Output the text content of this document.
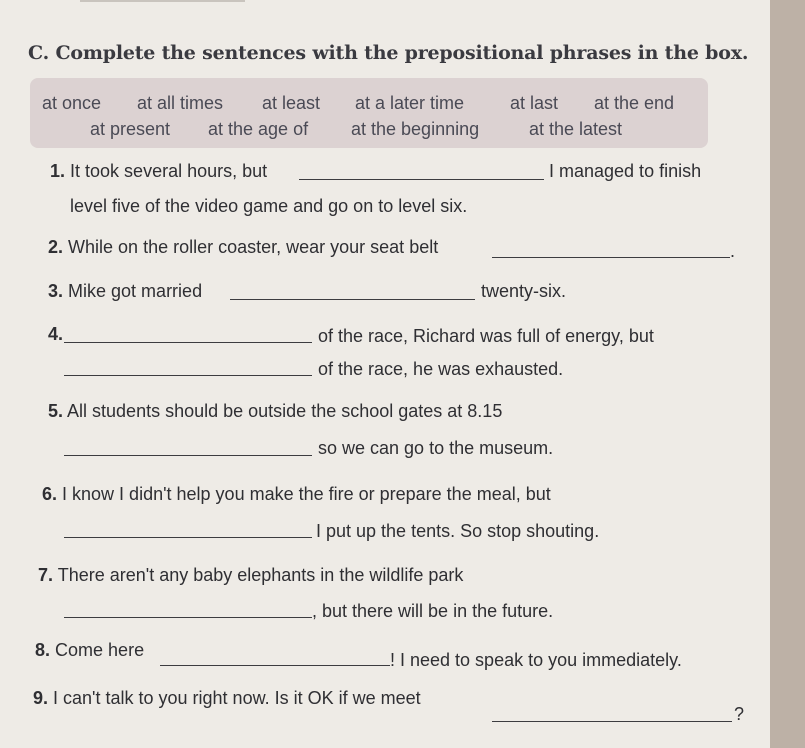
C. Complete the sentences with the prepositional phrases in the box.
at once at all times at least at a later time	at last at the end
at present at the age of at the beginning	at the latest
1. It took several hours, but	I managed to finish
level five of the video game and go on to level six.
2. While on the roller coaster, wear your seat belt	.
3. Mike got married	twenty-six.
4.	of the race, Richard was full of energy, but
of the race, he was exhausted.
5. All students should be outside the school gates at 8.15
so we can go to the museum.
6. I know I didn't help you make the fire or prepare the meal, but
I put up the tents. So stop shouting.
7. There aren't any baby elephants in the wildlife park
, but there will be in the future.
8. Come here	! I need to speak to you immediately.
9. I can't talk to you right now. Is it OK if we meet
?
